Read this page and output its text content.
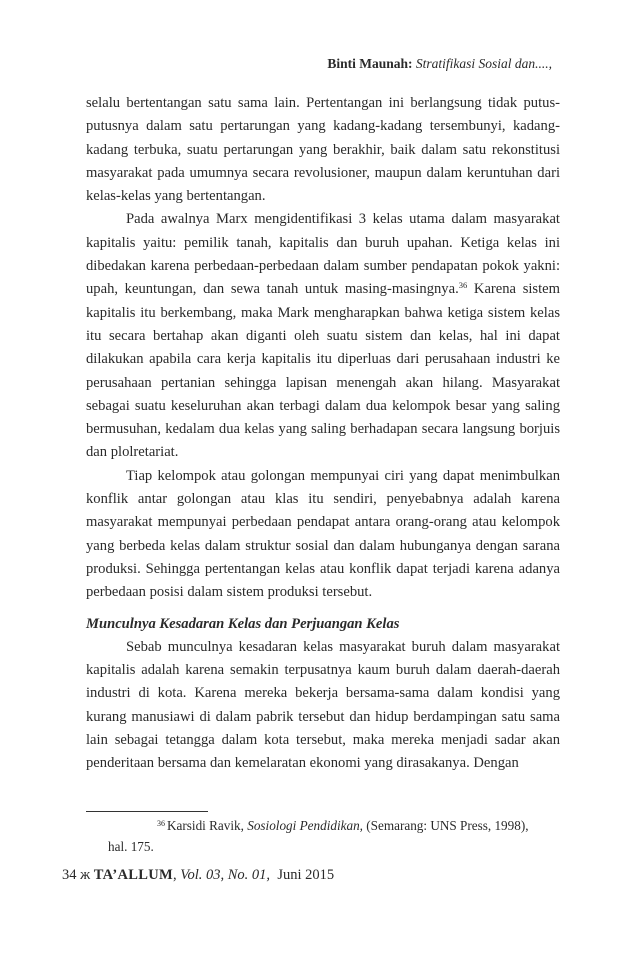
Binti Maunah: Stratifikasi Sosial dan....,

selalu bertentangan satu sama lain. Pertentangan ini berlangsung tidak putus-putusnya dalam satu pertarungan yang kadang-kadang tersembunyi, kadang-kadang terbuka, suatu pertarungan yang berakhir, baik dalam satu rekonstitusi masyarakat pada umumnya secara revolusioner, maupun dalam keruntuhan dari kelas-kelas yang bertentangan.

Pada awalnya Marx mengidentifikasi 3 kelas utama dalam masyarakat kapitalis yaitu: pemilik tanah, kapitalis dan buruh upahan. Ketiga kelas ini dibedakan karena perbedaan-perbedaan dalam sumber pendapatan pokok yakni: upah, keuntungan, dan sewa tanah untuk masing-masingnya.$^{36}$ Karena sistem kapitalis itu berkembang, maka Mark mengharapkan bahwa ketiga sistem kelas itu secara bertahap akan diganti oleh suatu sistem dan kelas, hal ini dapat dilakukan apabila cara kerja kapitalis itu diperluas dari perusahaan industri ke perusahaan pertanian sehingga lapisan menengah akan hilang. Masyarakat sebagai suatu keseluruhan akan terbagi dalam dua kelompok besar yang saling bermusuhan, kedalam dua kelas yang saling berhadapan secara langsung borjuis dan plolretariat.

Tiap kelompok atau golongan mempunyai ciri yang dapat menimbulkan konflik antar golongan atau klas itu sendiri, penyebabnya adalah karena masyarakat mempunyai perbedaan pendapat antara orang-orang atau kelompok yang berbeda kelas dalam struktur sosial dan dalam hubunganya dengan sarana produksi. Sehingga pertentangan kelas atau konflik dapat terjadi karena adanya perbedaan posisi dalam sistem produksi tersebut.

Munculnya Kesadaran Kelas dan Perjuangan Kelas

Sebab munculnya kesadaran kelas masyarakat buruh dalam masyarakat kapitalis adalah karena semakin terpusatnya kaum buruh dalam daerah-daerah industri di kota. Karena mereka bekerja bersama-sama dalam kondisi yang kurang manusiawi di dalam pabrik tersebut dan hidup berdampingan satu sama lain sebagai tetangga dalam kota tersebut, maka mereka menjadi sadar akan penderitaan bersama dan kemelaratan ekonomi yang dirasakanya. Dengan

$^{36}$ Karsidi Ravik, Sosiologi Pendidikan, (Semarang: UNS Press, 1998),
hal. 175.
34 ж TA’ALLUM, Vol. 03, No. 01,  Juni 2015
